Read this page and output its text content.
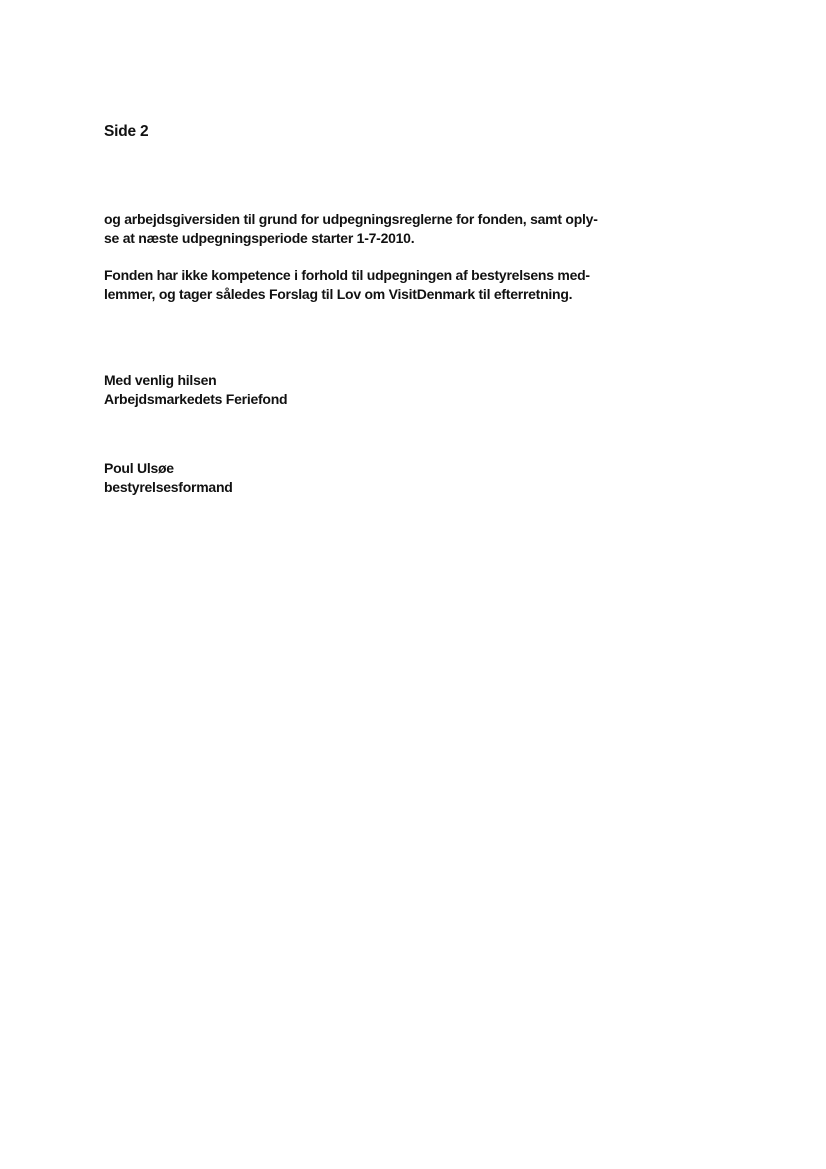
Side 2

og arbejdsgiversiden til grund for udpegningsreglerne for fonden, samt oply-
se at næste udpegningsperiode starter 1-7-2010.

Fonden har ikke kompetence i forhold til udpegningen af bestyrelsens med-
lemmer, og tager således Forslag til Lov om VisitDenmark til efterretning.

Med venlig hilsen
Arbejdsmarkedets Feriefond

Poul Ulsøe
bestyrelsesformand
